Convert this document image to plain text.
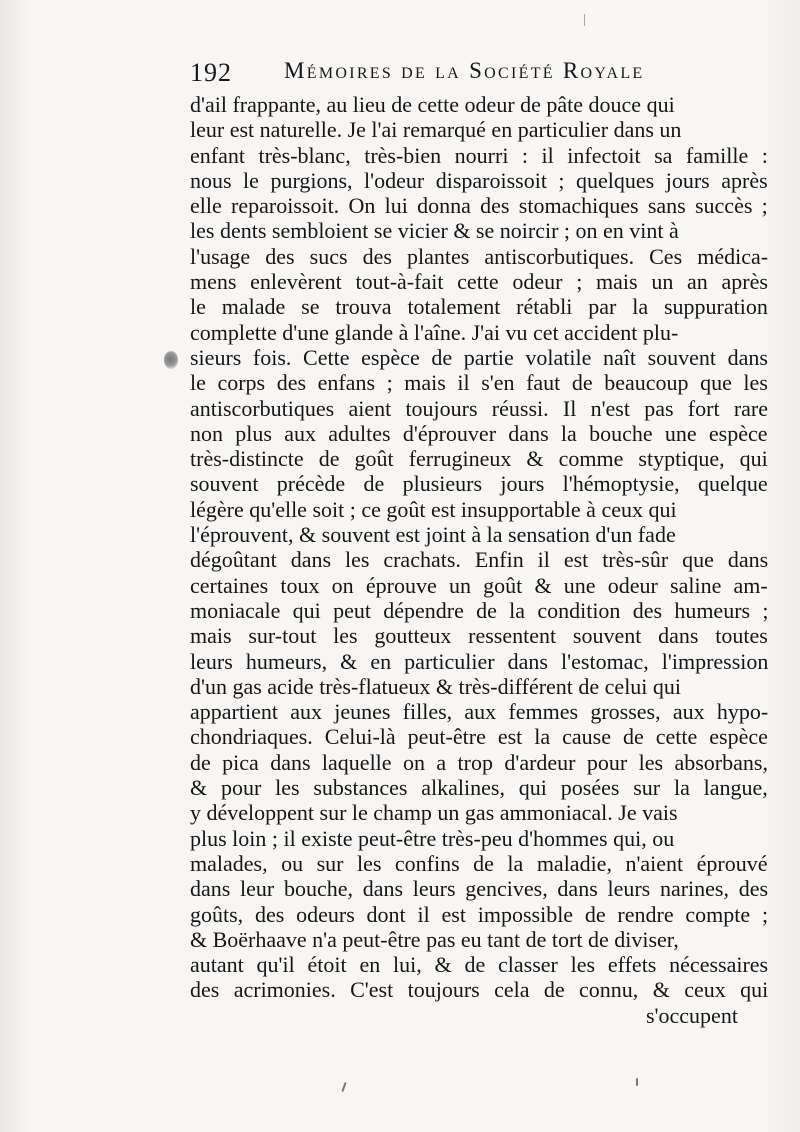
192 Mémoires de la Société Royale
d'ail frappante, au lieu de cette odeur de pâte douce qui
leur est naturelle. Je l'ai remarqué en particulier dans un
enfant très-blanc, très-bien nourri : il infectoit sa famille :
nous le purgions, l'odeur disparoissoit ; quelques jours après
elle reparoissoit. On lui donna des stomachiques sans succès ;
les dents sembloient se vicier & se noircir ; on en vint à
l'usage des sucs des plantes antiscorbutiques. Ces médica-
mens enlevèrent tout-à-fait cette odeur ; mais un an après
le malade se trouva totalement rétabli par la suppuration
complette d'une glande à l'aîne. J'ai vu cet accident plu-
sieurs fois. Cette espèce de partie volatile naît souvent dans
le corps des enfans ; mais il s'en faut de beaucoup que les
antiscorbutiques aient toujours réussi. Il n'est pas fort rare
non plus aux adultes d'éprouver dans la bouche une espèce
très-distincte de goût ferrugineux & comme styptique, qui
souvent précède de plusieurs jours l'hémoptysie, quelque
légère qu'elle soit ; ce goût est insupportable à ceux qui
l'éprouvent, & souvent est joint à la sensation d'un fade
dégoûtant dans les crachats. Enfin il est très-sûr que dans
certaines toux on éprouve un goût & une odeur saline am-
moniacale qui peut dépendre de la condition des humeurs ;
mais sur-tout les goutteux ressentent souvent dans toutes
leurs humeurs, & en particulier dans l'estomac, l'impression
d'un gas acide très-flatueux & très-différent de celui qui
appartient aux jeunes filles, aux femmes grosses, aux hypo-
chondriaques. Celui-là peut-être est la cause de cette espèce
de pica dans laquelle on a trop d'ardeur pour les absorbans,
& pour les substances alkalines, qui posées sur la langue,
y développent sur le champ un gas ammoniacal. Je vais
plus loin ; il existe peut-être très-peu d'hommes qui, ou
malades, ou sur les confins de la maladie, n'aient éprouvé
dans leur bouche, dans leurs gencives, dans leurs narines, des
goûts, des odeurs dont il est impossible de rendre compte ;
& Boërhaave n'a peut-être pas eu tant de tort de diviser,
autant qu'il étoit en lui, & de classer les effets nécessaires
des acrimonies. C'est toujours cela de connu, & ceux qui
s'occupent
